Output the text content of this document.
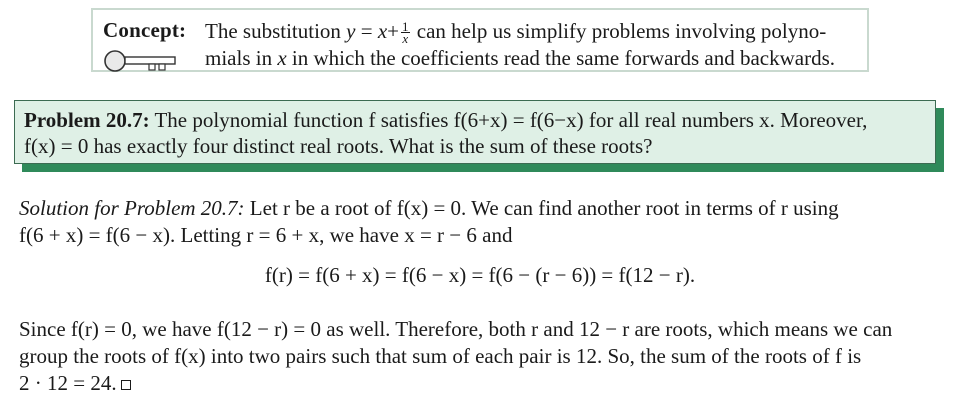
Concept: The substitution $y = x+ \frac{1}{x}$ can help us simplify problems involving polyno-
mials in x in which the coefficients read the same forwards and backwards.
Problem 20.7: The polynomial function f satisfies f(6+x) = f(6−x) for all real numbers x. Moreover,
f(x) = 0 has exactly four distinct real roots. What is the sum of these roots?
Solution for Problem 20.7: Let r be a root of f(x) = 0. We can find another root in terms of r using
f(6 + x) = f(6 − x). Letting r = 6 + x, we have x = r − 6 and
f(r) = f(6 + x) = f(6 − x) = f(6 − (r − 6)) = f(12 − r).
Since f(r) = 0, we have f(12 − r) = 0 as well. Therefore, both r and 12 − r are roots, which means we can
group the roots of f(x) into two pairs such that sum of each pair is 12. So, the sum of the roots of f is
2 · 12 = 24.
